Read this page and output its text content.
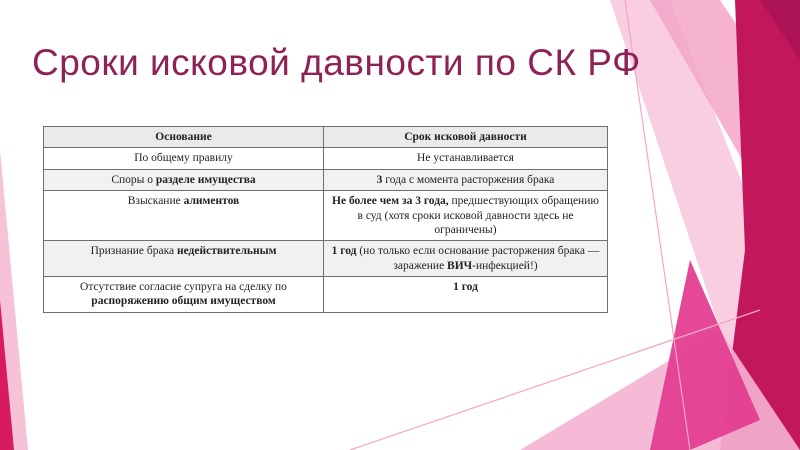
Сроки исковой давности по СК РФ
Основание	Срок исковой давности
По общему правилу	Не устанавливается
Споры о разделе имущества	3 года с момента расторжения брака
Взыскание алиментов	Не более чем за 3 года, предшествующих обращению в суд (хотя сроки исковой давности здесь не ограничены)
Признание брака недействительным	1 год (но только если основание расторжения брака — заражение ВИЧ-инфекцией!)
Отсутствие согласие супруга на сделку по распоряжению общим имуществом	1 год
